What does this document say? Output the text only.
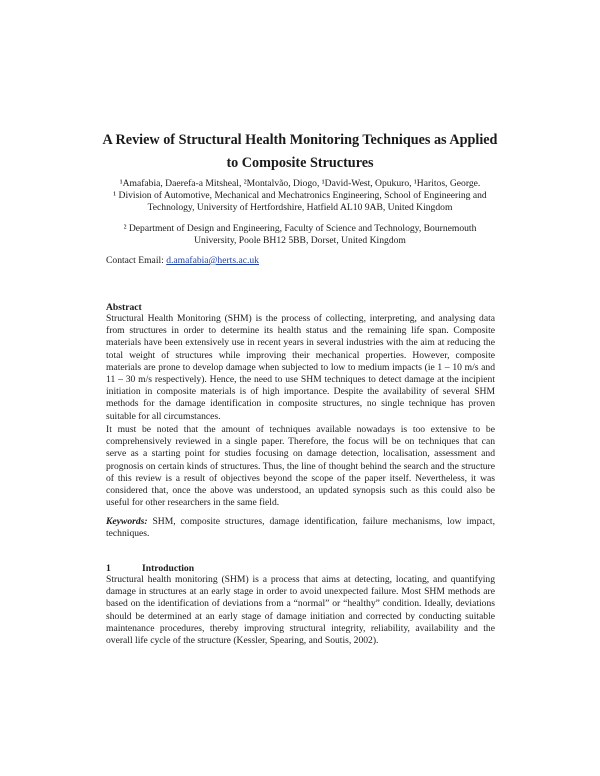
A Review of Structural Health Monitoring Techniques as Applied
to Composite Structures

¹Amafabia, Daerefa-a Mitsheal, ²Montalvão, Diogo, ¹David-West, Opukuro, ¹Haritos, George.

¹ Division of Automotive, Mechanical and Mechatronics Engineering, School of Engineering and
Technology, University of Hertfordshire, Hatfield AL10 9AB, United Kingdom

² Department of Design and Engineering, Faculty of Science and Technology, Bournemouth
University, Poole BH12 5BB, Dorset, United Kingdom

Contact Email: d.amafabia@herts.ac.uk

Abstract

Structural Health Monitoring (SHM) is the process of collecting, interpreting, and analysing data from structures in order to determine its health status and the remaining life span. Composite materials have been extensively use in recent years in several industries with the aim at reducing the total weight of structures while improving their mechanical properties. However, composite materials are prone to develop damage when subjected to low to medium impacts (ie 1 – 10 m/s and 11 – 30 m/s respectively). Hence, the need to use SHM techniques to detect damage at the incipient initiation in composite materials is of high importance. Despite the availability of several SHM methods for the damage identification in composite structures, no single technique has proven suitable for all circumstances.

It must be noted that the amount of techniques available nowadays is too extensive to be comprehensively reviewed in a single paper. Therefore, the focus will be on techniques that can serve as a starting point for studies focusing on damage detection, localisation, assessment and prognosis on certain kinds of structures. Thus, the line of thought behind the search and the structure of this review is a result of objectives beyond the scope of the paper itself. Nevertheless, it was considered that, once the above was understood, an updated synopsis such as this could also be useful for other researchers in the same field.

Keywords: SHM, composite structures, damage identification, failure mechanisms, low impact, techniques.

1	Introduction

Structural health monitoring (SHM) is a process that aims at detecting, locating, and quantifying damage in structures at an early stage in order to avoid unexpected failure. Most SHM methods are based on the identification of deviations from a “normal” or “healthy” condition. Ideally, deviations should be determined at an early stage of damage initiation and corrected by conducting suitable maintenance procedures, thereby improving structural integrity, reliability, availability and the overall life cycle of the structure (Kessler, Spearing, and Soutis, 2002).
